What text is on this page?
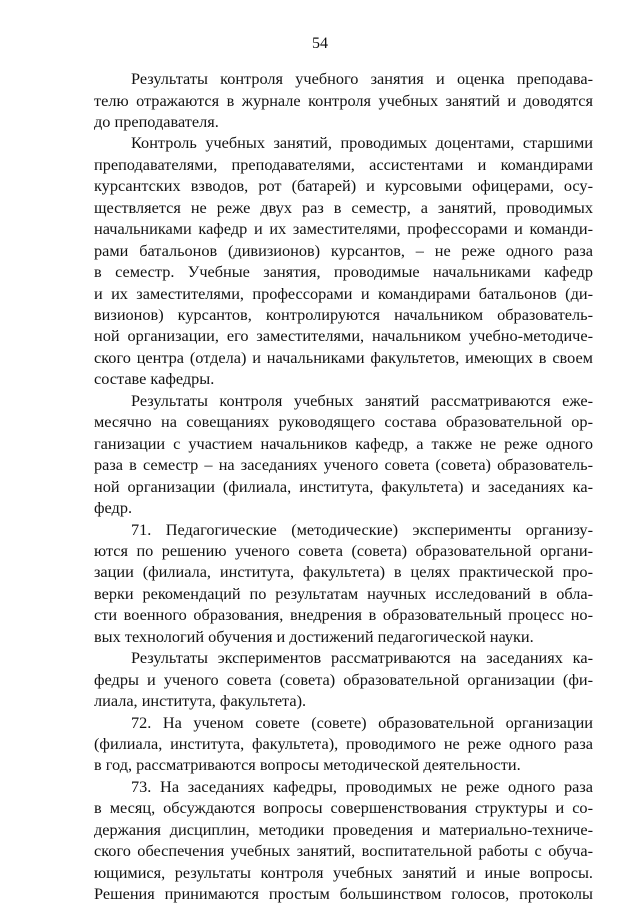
54
Результаты контроля учебного занятия и оценка преподава-
телю отражаются в журнале контроля учебных занятий и доводятся
до преподавателя.
Контроль учебных занятий, проводимых доцентами, старшими
преподавателями, преподавателями, ассистентами и командирами
курсантских взводов, рот (батарей) и курсовыми офицерами, осу-
ществляется не реже двух раз в семестр, а занятий, проводимых
начальниками кафедр и их заместителями, профессорами и команди-
рами батальонов (дивизионов) курсантов, – не реже одного раза
в семестр. Учебные занятия, проводимые начальниками кафедр
и их заместителями, профессорами и командирами батальонов (ди-
визионов) курсантов, контролируются начальником образователь-
ной организации, его заместителями, начальником учебно-методиче-
ского центра (отдела) и начальниками факультетов, имеющих в своем
составе кафедры.
Результаты контроля учебных занятий рассматриваются еже-
месячно на совещаниях руководящего состава образовательной ор-
ганизации с участием начальников кафедр, а также не реже одного
раза в семестр – на заседаниях ученого совета (совета) образователь-
ной организации (филиала, института, факультета) и заседаниях ка-
федр.
71. Педагогические (методические) эксперименты организу-
ются по решению ученого совета (совета) образовательной органи-
зации (филиала, института, факультета) в целях практической про-
верки рекомендаций по результатам научных исследований в обла-
сти военного образования, внедрения в образовательный процесс но-
вых технологий обучения и достижений педагогической науки.
Результаты экспериментов рассматриваются на заседаниях ка-
федры и ученого совета (совета) образовательной организации (фи-
лиала, института, факультета).
72. На ученом совете (совете) образовательной организации
(филиала, института, факультета), проводимого не реже одного раза
в год, рассматриваются вопросы методической деятельности.
73. На заседаниях кафедры, проводимых не реже одного раза
в месяц, обсуждаются вопросы совершенствования структуры и со-
держания дисциплин, методики проведения и материально-техниче-
ского обеспечения учебных занятий, воспитательной работы с обуча-
ющимися, результаты контроля учебных занятий и иные вопросы.
Решения принимаются простым большинством голосов, протоколы
